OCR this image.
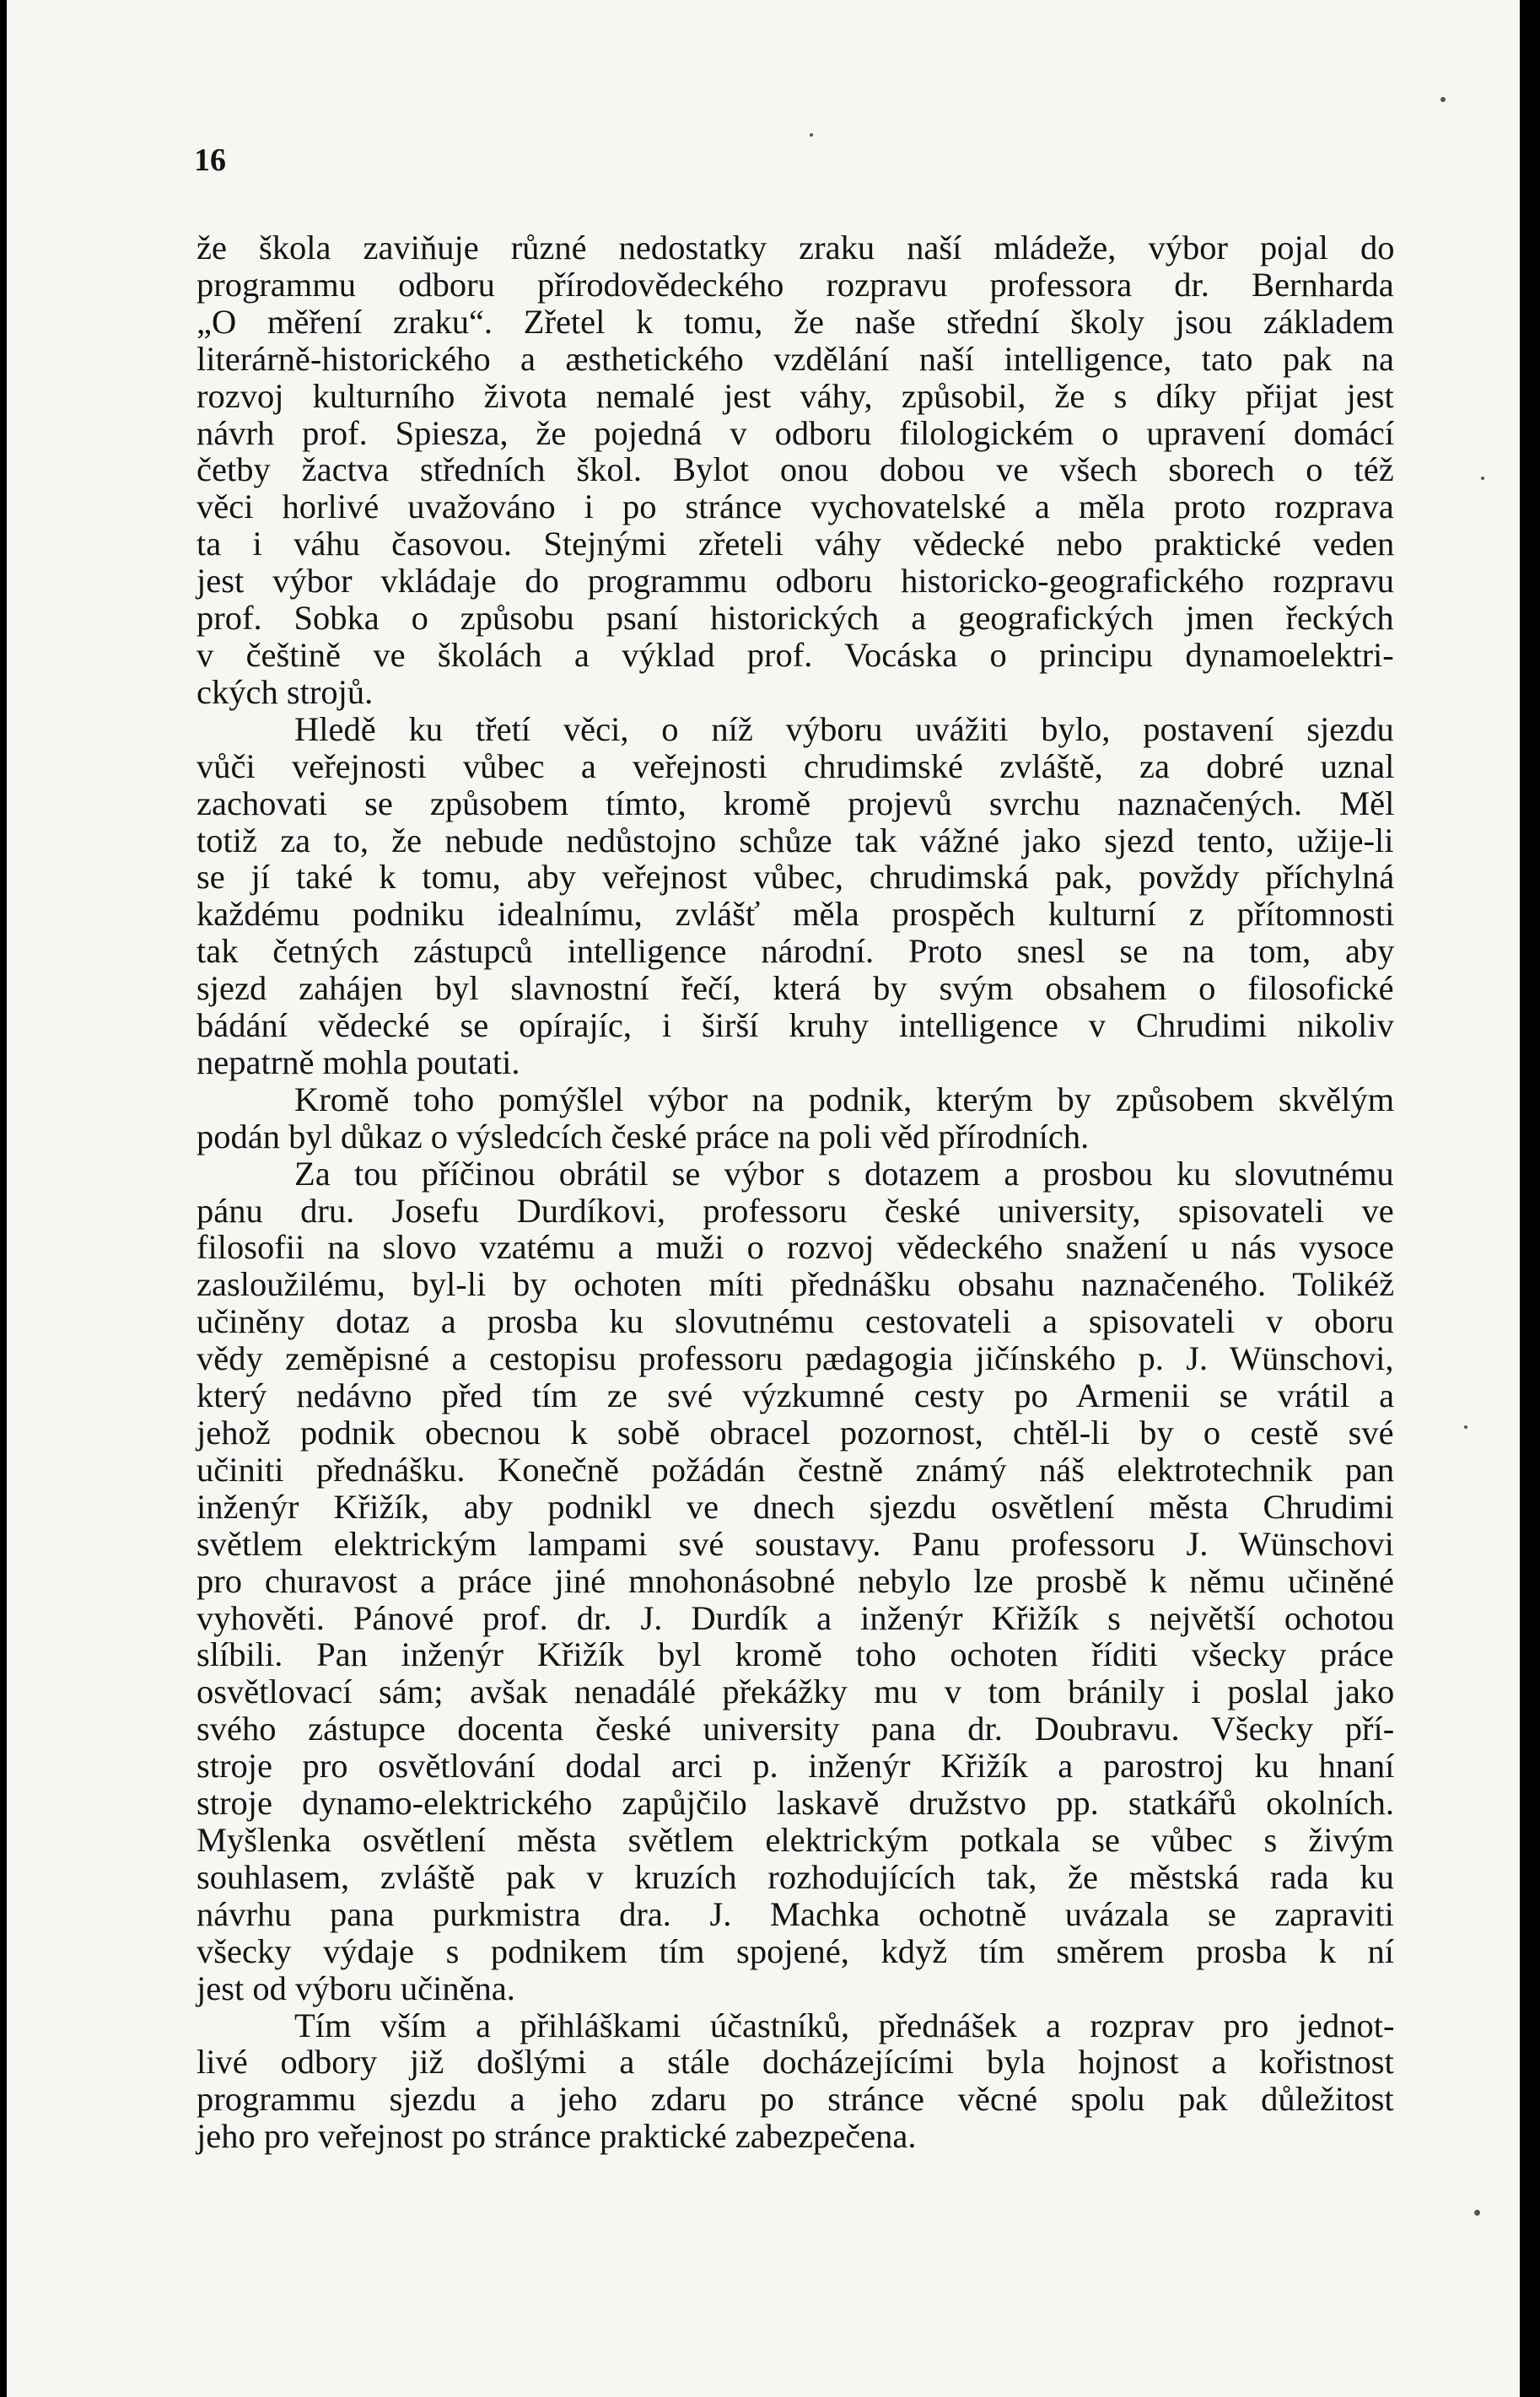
16
že škola zaviňuje různé nedostatky zraku naší mládeže, výbor pojal do
programmu odboru přírodovědeckého rozpravu professora dr. Bernharda
„O měření zraku“. Zřetel k tomu, že naše střední školy jsou základem
literárně-historického a æsthetického vzdělání naší intelligence, tato pak na
rozvoj kulturního života nemalé jest váhy, způsobil, že s díky přijat jest
návrh prof. Spiesza, že pojedná v odboru filologickém o upravení domácí
četby žactva středních škol. Bylot onou dobou ve všech sborech o též
věci horlivé uvažováno i po stránce vychovatelské a měla proto rozprava
ta i váhu časovou. Stejnými zřeteli váhy vědecké nebo praktické veden
jest výbor vkládaje do programmu odboru historicko-geografického rozpravu
prof. Sobka o způsobu psaní historických a geografických jmen řeckých
v češtině ve školách a výklad prof. Vocáska o principu dynamoelektri-
ckých strojů.
Hledě ku třetí věci, o níž výboru uvážiti bylo, postavení sjezdu
vůči veřejnosti vůbec a veřejnosti chrudimské zvláště, za dobré uznal
zachovati se způsobem tímto, kromě projevů svrchu naznačených. Měl
totiž za to, že nebude nedůstojno schůze tak vážné jako sjezd tento, užije-li
se jí také k tomu, aby veřejnost vůbec, chrudimská pak, povždy příchylná
každému podniku idealnímu, zvlášť měla prospěch kulturní z přítomnosti
tak četných zástupců intelligence národní. Proto snesl se na tom, aby
sjezd zahájen byl slavnostní řečí, která by svým obsahem o filosofické
bádání vědecké se opírajíc, i širší kruhy intelligence v Chrudimi nikoliv
nepatrně mohla poutati.
Kromě toho pomýšlel výbor na podnik, kterým by způsobem skvělým
podán byl důkaz o výsledcích české práce na poli věd přírodních.
Za tou příčinou obrátil se výbor s dotazem a prosbou ku slovutnému
pánu dru. Josefu Durdíkovi, professoru české university, spisovateli ve
filosofii na slovo vzatému a muži o rozvoj vědeckého snažení u nás vysoce
zasloužilému, byl-li by ochoten míti přednášku obsahu naznačeného. Tolikéž
učiněny dotaz a prosba ku slovutnému cestovateli a spisovateli v oboru
vědy zeměpisné a cestopisu professoru pædagogia jičínského p. J. Wünschovi,
který nedávno před tím ze své výzkumné cesty po Armenii se vrátil a
jehož podnik obecnou k sobě obracel pozornost, chtěl-li by o cestě své
učiniti přednášku. Konečně požádán čestně známý náš elektrotechnik pan
inženýr Křižík, aby podnikl ve dnech sjezdu osvětlení města Chrudimi
světlem elektrickým lampami své soustavy. Panu professoru J. Wünschovi
pro churavost a práce jiné mnohonásobné nebylo lze prosbě k němu učiněné
vyhověti. Pánové prof. dr. J. Durdík a inženýr Křižík s největší ochotou
slíbili. Pan inženýr Křižík byl kromě toho ochoten říditi všecky práce
osvětlovací sám; avšak nenadálé překážky mu v tom bránily i poslal jako
svého zástupce docenta české university pana dr. Doubravu. Všecky pří-
stroje pro osvětlování dodal arci p. inženýr Křižík a parostroj ku hnaní
stroje dynamo-elektrického zapůjčilo laskavě družstvo pp. statkářů okolních.
Myšlenka osvětlení města světlem elektrickým potkala se vůbec s živým
souhlasem, zvláště pak v kruzích rozhodujících tak, že městská rada ku
návrhu pana purkmistra dra. J. Machka ochotně uvázala se zapraviti
všecky výdaje s podnikem tím spojené, když tím směrem prosba k ní
jest od výboru učiněna.
Tím vším a přihláškami účastníků, přednášek a rozprav pro jednot-
livé odbory již došlými a stále docházejícími byla hojnost a kořistnost
programmu sjezdu a jeho zdaru po stránce věcné spolu pak důležitost
jeho pro veřejnost po stránce praktické zabezpečena.
